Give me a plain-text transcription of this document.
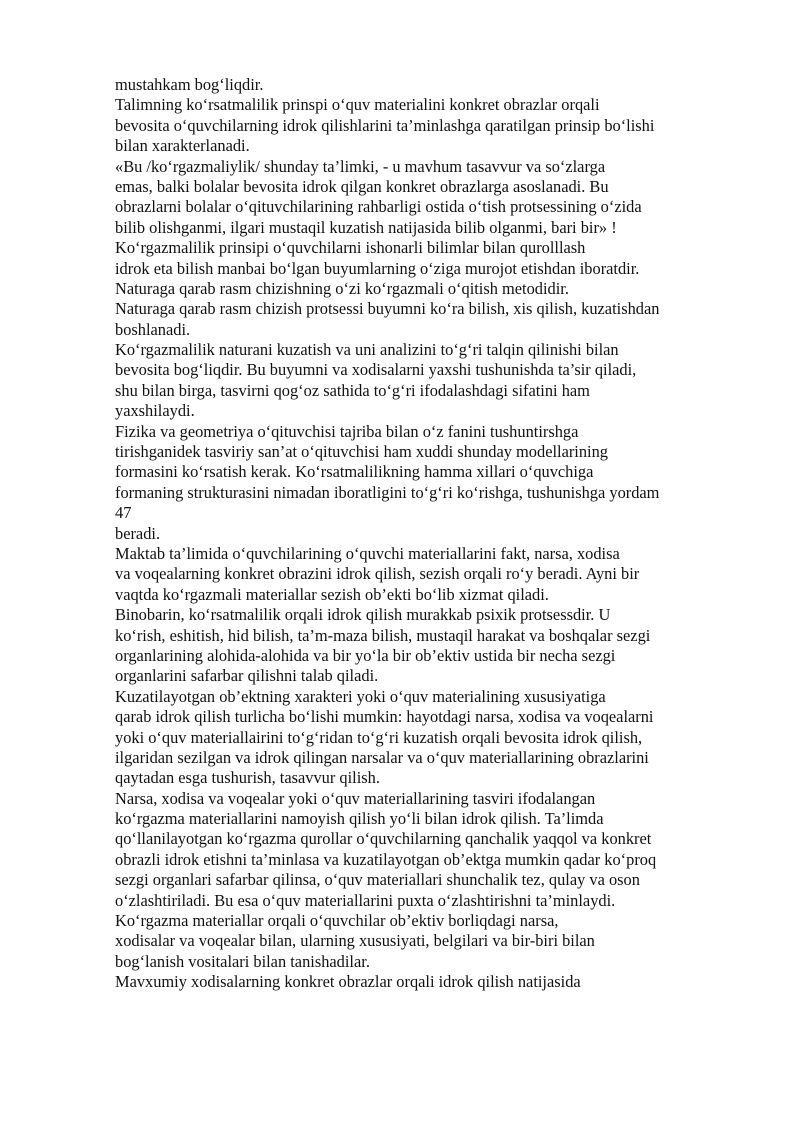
mustahkam bog‘liqdir.
Talimning ko‘rsatmalilik prinspi o‘quv materialini konkret obrazlar orqali
bevosita o‘quvchilarning idrok qilishlarini ta’minlashga qaratilgan prinsip bo‘lishi
bilan xarakterlanadi.
«Bu /ko‘rgazmaliylik/ shunday ta’limki, - u mavhum tasavvur va so‘zlarga
emas, balki bolalar bevosita idrok qilgan konkret obrazlarga asoslanadi. Bu
obrazlarni bolalar o‘qituvchilarining rahbarligi ostida o‘tish protsessining o‘zida
bilib olishganmi, ilgari mustaqil kuzatish natijasida bilib olganmi, bari bir» !
Ko‘rgazmalilik prinsipi o‘quvchilarni ishonarli bilimlar bilan qurolllash
idrok eta bilish manbai bo‘lgan buyumlarning o‘ziga murojot etishdan iboratdir.
Naturaga qarab rasm chizishning o‘zi ko‘rgazmali o‘qitish metodidir.
Naturaga qarab rasm chizish protsessi buyumni ko‘ra bilish, xis qilish, kuzatishdan
boshlanadi.
Ko‘rgazmalilik naturani kuzatish va uni analizini to‘g‘ri talqin qilinishi bilan
bevosita bog‘liqdir. Bu buyumni va xodisalarni yaxshi tushunishda ta’sir qiladi,
shu bilan birga, tasvirni qog‘oz sathida to‘g‘ri ifodalashdagi sifatini ham
yaxshilaydi.
Fizika va geometriya o‘qituvchisi tajriba bilan o‘z fanini tushuntirshga
tirishganidek tasviriy san’at o‘qituvchisi ham xuddi shunday modellarining
formasini ko‘rsatish kerak. Ko‘rsatmalilikning hamma xillari o‘quvchiga
formaning strukturasini nimadan iboratligini to‘g‘ri ko‘rishga, tushunishga yordam
47
beradi.
Maktab ta’limida o‘quvchilarining o‘quvchi materiallarini fakt, narsa, xodisa
va voqealarning konkret obrazini idrok qilish, sezish orqali ro‘y beradi. Ayni bir
vaqtda ko‘rgazmali materiallar sezish ob’ekti bo‘lib xizmat qiladi.
Binobarin, ko‘rsatmalilik orqali idrok qilish murakkab psixik protsessdir. U
ko‘rish, eshitish, hid bilish, ta’m-maza bilish, mustaqil harakat va boshqalar sezgi
organlarining alohida-alohida va bir yo‘la bir ob’ektiv ustida bir necha sezgi
organlarini safarbar qilishni talab qiladi.
Kuzatilayotgan ob’ektning xarakteri yoki o‘quv materialining xususiyatiga
qarab idrok qilish turlicha bo‘lishi mumkin: hayotdagi narsa, xodisa va voqealarni
yoki o‘quv materiallairini to‘g‘ridan to‘g‘ri kuzatish orqali bevosita idrok qilish,
ilgaridan sezilgan va idrok qilingan narsalar va o‘quv materiallarining obrazlarini
qaytadan esga tushurish, tasavvur qilish.
Narsa, xodisa va voqealar yoki o‘quv materiallarining tasviri ifodalangan
ko‘rgazma materiallarini namoyish qilish yo‘li bilan idrok qilish. Ta’limda
qo‘llanilayotgan ko‘rgazma qurollar o‘quvchilarning qanchalik yaqqol va konkret
obrazli idrok etishni ta’minlasa va kuzatilayotgan ob’ektga mumkin qadar ko‘proq
sezgi organlari safarbar qilinsa, o‘quv materiallari shunchalik tez, qulay va oson
o‘zlashtiriladi. Bu esa o‘quv materiallarini puxta o‘zlashtirishni ta’minlaydi.
Ko‘rgazma materiallar orqali o‘quvchilar ob’ektiv borliqdagi narsa,
xodisalar va voqealar bilan, ularning xususiyati, belgilari va bir-biri bilan
bog‘lanish vositalari bilan tanishadilar.
Mavxumiy xodisalarning konkret obrazlar orqali idrok qilish natijasida
